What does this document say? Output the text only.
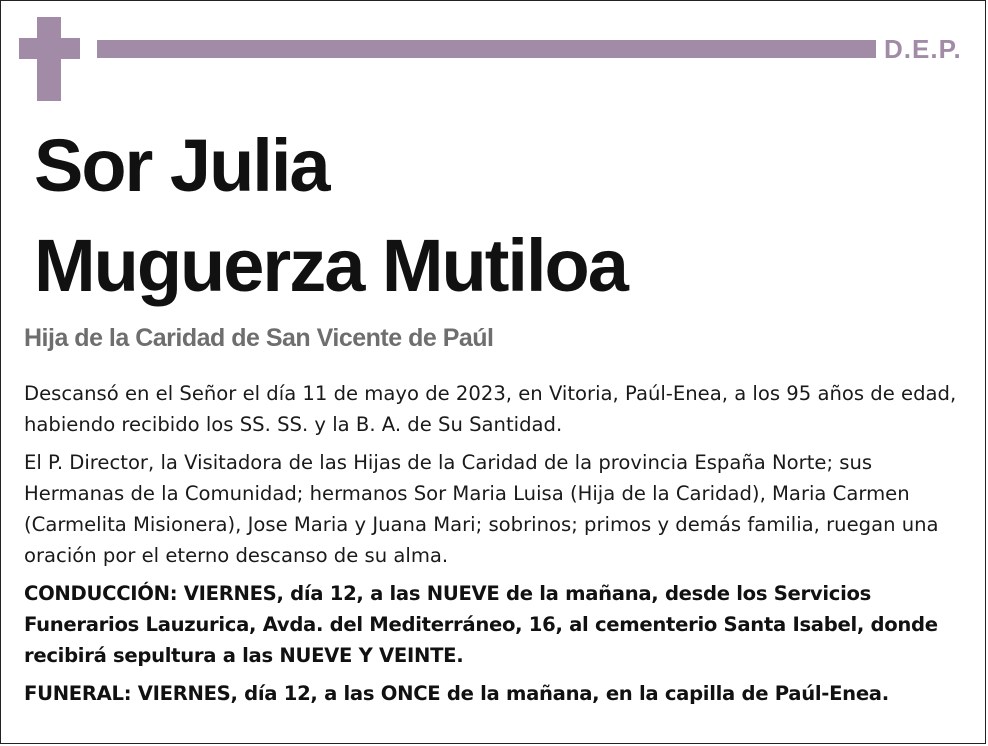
D.E.P.
Sor Julia
Muguerza Mutiloa
Hija de la Caridad de San Vicente de Paúl

Descansó en el Señor el día 11 de mayo de 2023, en Vitoria, Paúl-Enea, a los 95 años de edad, habiendo recibido los SS. SS. y la B. A. de Su Santidad.

El P. Director, la Visitadora de las Hijas de la Caridad de la provincia España Norte; sus Hermanas de la Comunidad; hermanos Sor Maria Luisa (Hija de la Caridad), Maria Carmen (Carmelita Misionera), Jose Maria y Juana Mari; sobrinos; primos y demás familia, ruegan una oración por el eterno descanso de su alma.

CONDUCCIÓN: VIERNES, día 12, a las NUEVE de la mañana, desde los Servicios Funerarios Lauzurica, Avda. del Mediterráneo, 16, al cementerio Santa Isabel, donde recibirá sepultura a las NUEVE Y VEINTE.

FUNERAL: VIERNES, día 12, a las ONCE de la mañana, en la capilla de Paúl-Enea.
